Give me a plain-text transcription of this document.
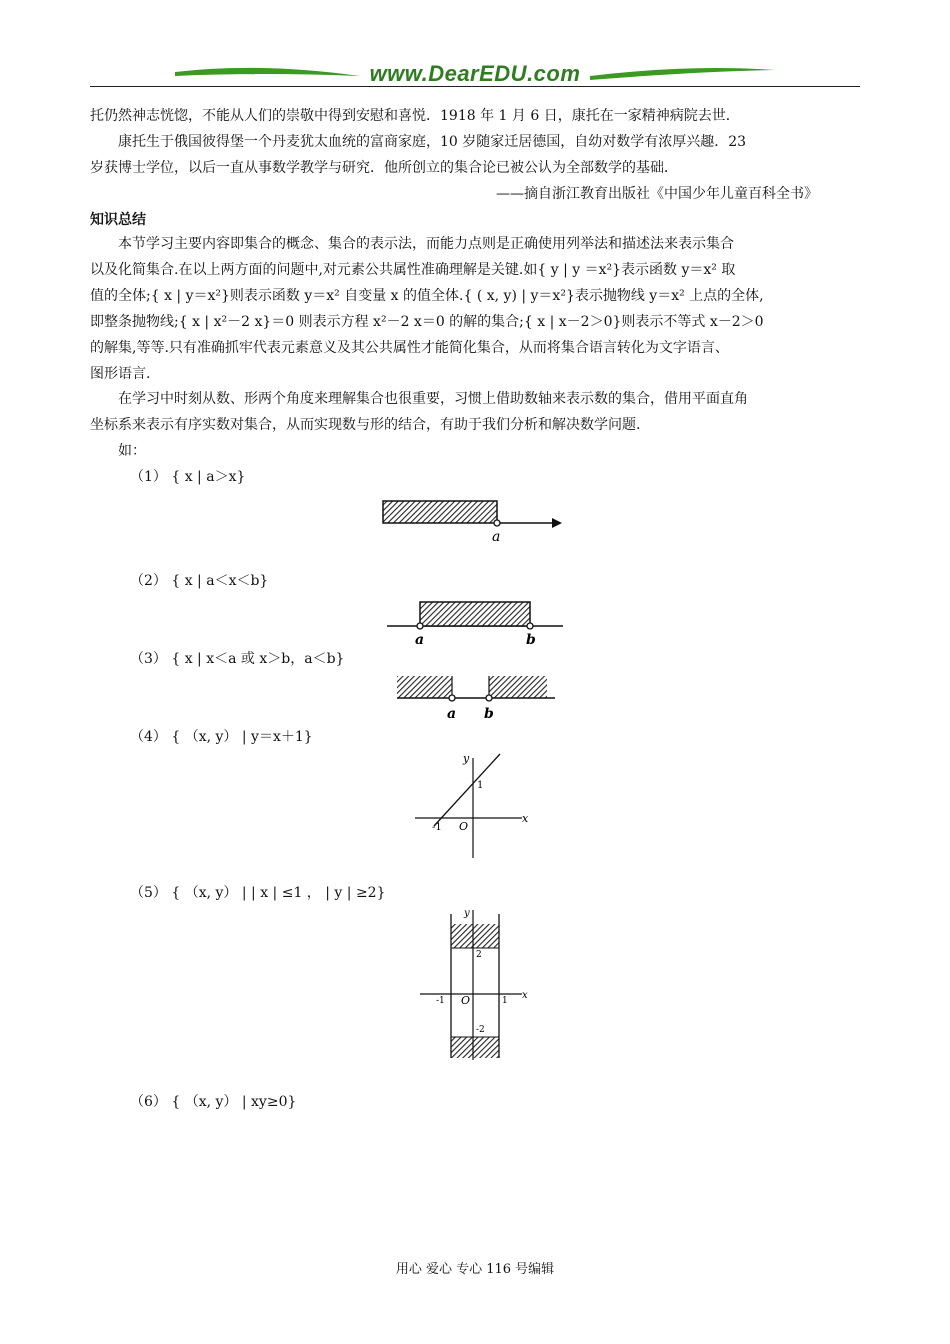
www.DearEDU.com
托仍然神志恍惚，不能从人们的崇敬中得到安慰和喜悦．1918 年 1 月 6 日，康托在一家精神病院去世．
康托生于俄国彼得堡一个丹麦犹太血统的富商家庭，10 岁随家迁居德国，自幼对数学有浓厚兴趣．23
岁获博士学位，以后一直从事数学教学与研究．他所创立的集合论已被公认为全部数学的基础．
——摘自浙江教育出版社《中国少年儿童百科全书》
知识总结
本节学习主要内容即集合的概念、集合的表示法，而能力点则是正确使用列举法和描述法来表示集合
以及化简集合.在以上两方面的问题中,对元素公共属性准确理解是关键.如{ y | y ＝x²}表示函数 y＝x² 取
值的全体;{ x | y＝x²}则表示函数 y＝x² 自变量 x 的值全体.{ ( x, y) | y＝x²}表示抛物线 y＝x² 上点的全体,
即整条抛物线;{ x | x²－2 x}＝0 则表示方程 x²－2 x＝0 的解的集合;{ x | x－2＞0}则表示不等式 x－2＞0
的解集,等等.只有准确抓牢代表元素意义及其公共属性才能简化集合，从而将集合语言转化为文字语言、
图形语言.
在学习中时刻从数、形两个角度来理解集合也很重要，习惯上借助数轴来表示数的集合，借用平面直角
坐标系来表示有序实数对集合，从而实现数与形的结合，有助于我们分析和解决数学问题.
如：
（1） { x | a＞x}
（2） { x | a＜x＜b}
（3） { x | x＜a 或 x＞b，a＜b}
（4） { （x, y） | y＝x＋1}
（5） { （x, y） | | x | ≤1 ， | y | ≥2}
（6） { （x, y） | xy≥0}
a
a	b
a b
y
x
O
-1
1
y
x
O
-1	1
2
-2
用心 爱心 专心 116 号编辑
